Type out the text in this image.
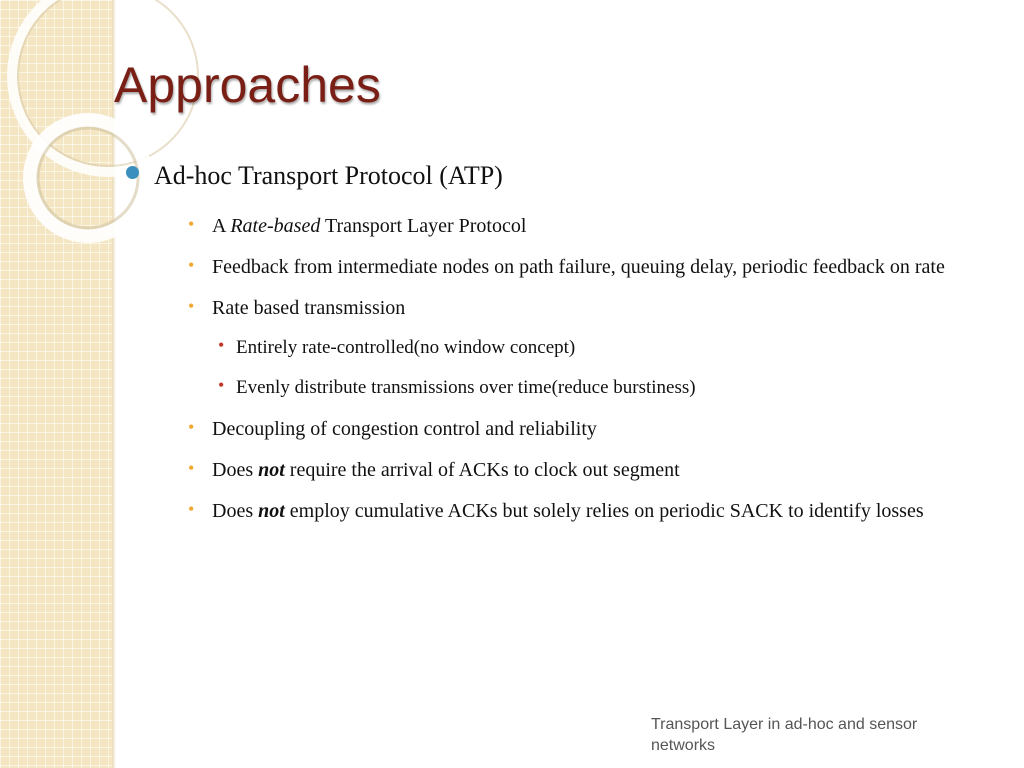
Approaches
Ad-hoc Transport Protocol (ATP)
• A Rate-based Transport Layer Protocol
• Feedback from intermediate nodes on path failure, queuing delay, periodic feedback on rate
• Rate based transmission
• Entirely rate-controlled(no window concept)
• Evenly distribute transmissions over time(reduce burstiness)
• Decoupling of congestion control and reliability
• Does not require the arrival of ACKs to clock out segment
• Does not employ cumulative ACKs but solely relies on periodic SACK to identify losses
Transport Layer in ad-hoc and sensor networks
